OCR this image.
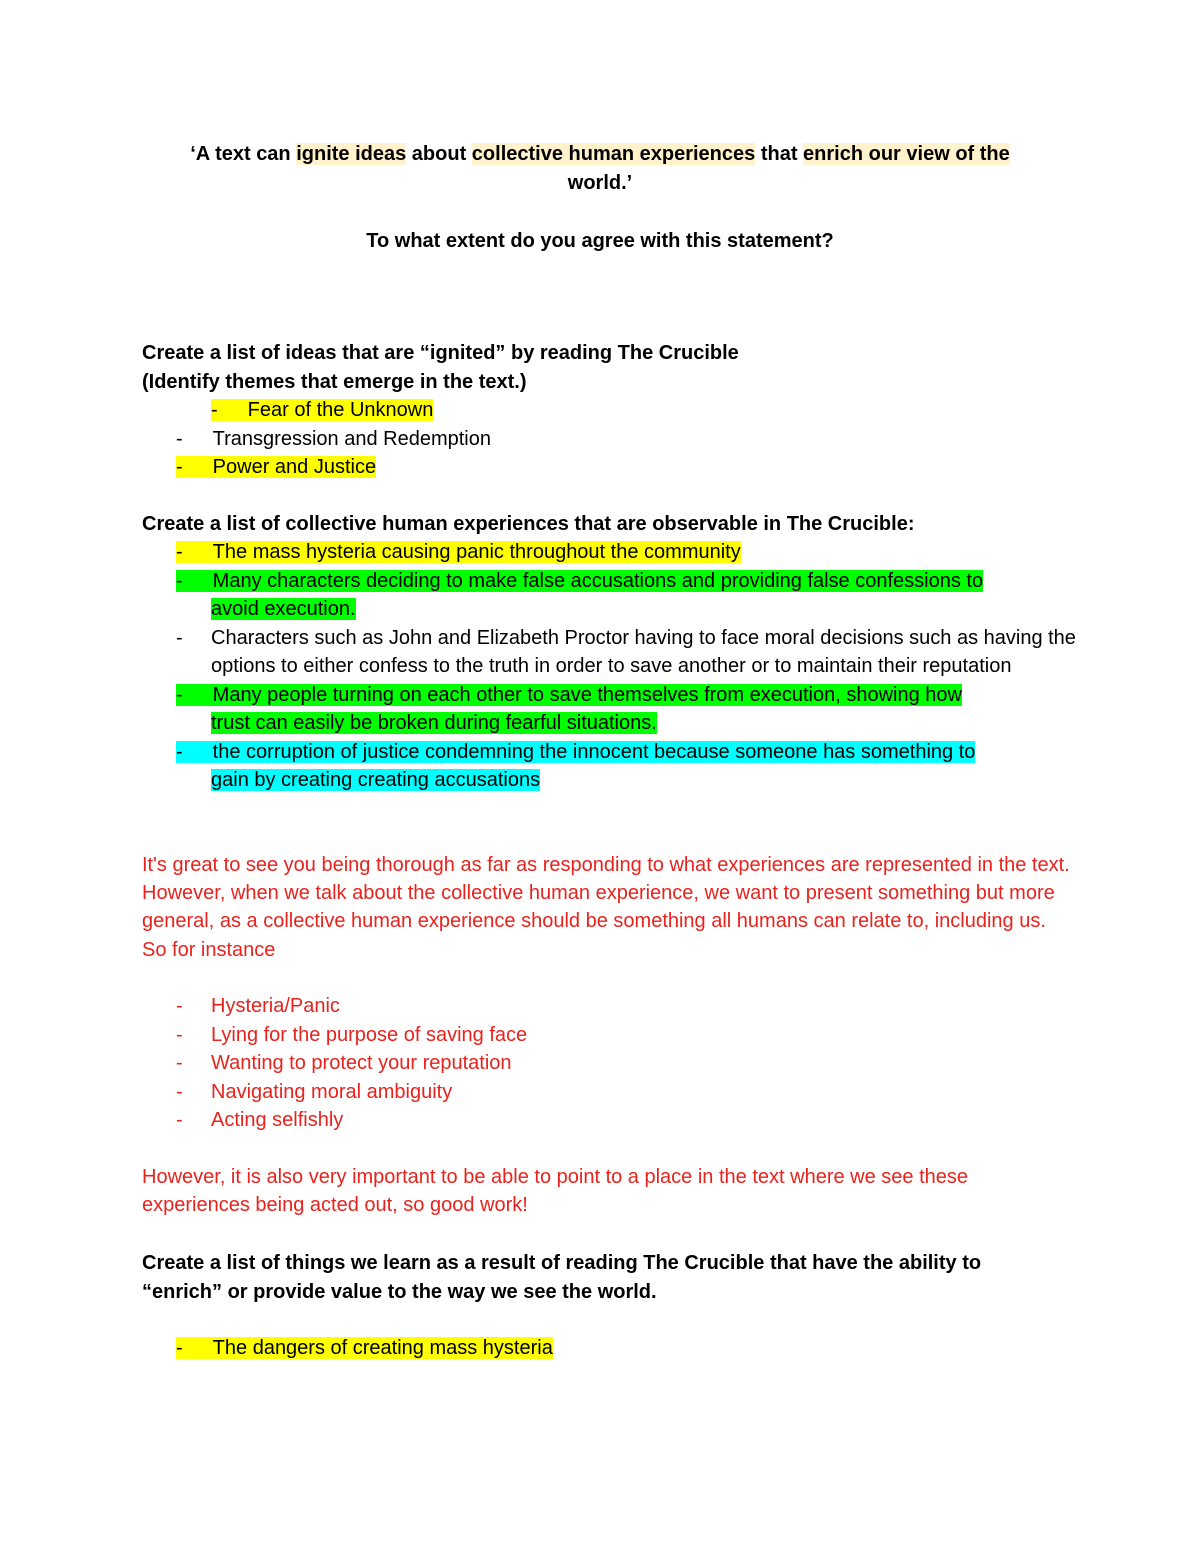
‘A text can ignite ideas about collective human experiences that enrich our view of the
world.’
To what extent do you agree with this statement?
Create a list of ideas that are “ignited” by reading The Crucible
(Identify themes that emerge in the text.)
- Fear of the Unknown
- Transgression and Redemption
- Power and Justice
Create a list of collective human experiences that are observable in The Crucible:
- The mass hysteria causing panic throughout the community
- Many characters deciding to make false accusations and providing false confessions to
avoid execution.
- Characters such as John and Elizabeth Proctor having to face moral decisions such as having the options to either confess to the truth in order to save another or to maintain their reputation
- Many people turning on each other to save themselves from execution, showing how
trust can easily be broken during fearful situations.
- the corruption of justice condemning the innocent because someone has something to
gain by creating creating accusations
It's great to see you being thorough as far as responding to what experiences are represented in the text. However, when we talk about the collective human experience, we want to present something but more general, as a collective human experience should be something all humans can relate to, including us. So for instance
- Hysteria/Panic
- Lying for the purpose of saving face
- Wanting to protect your reputation
- Navigating moral ambiguity
- Acting selfishly
However, it is also very important to be able to point to a place in the text where we see these experiences being acted out, so good work!
Create a list of things we learn as a result of reading The Crucible that have the ability to “enrich” or provide value to the way we see the world.
- The dangers of creating mass hysteria
